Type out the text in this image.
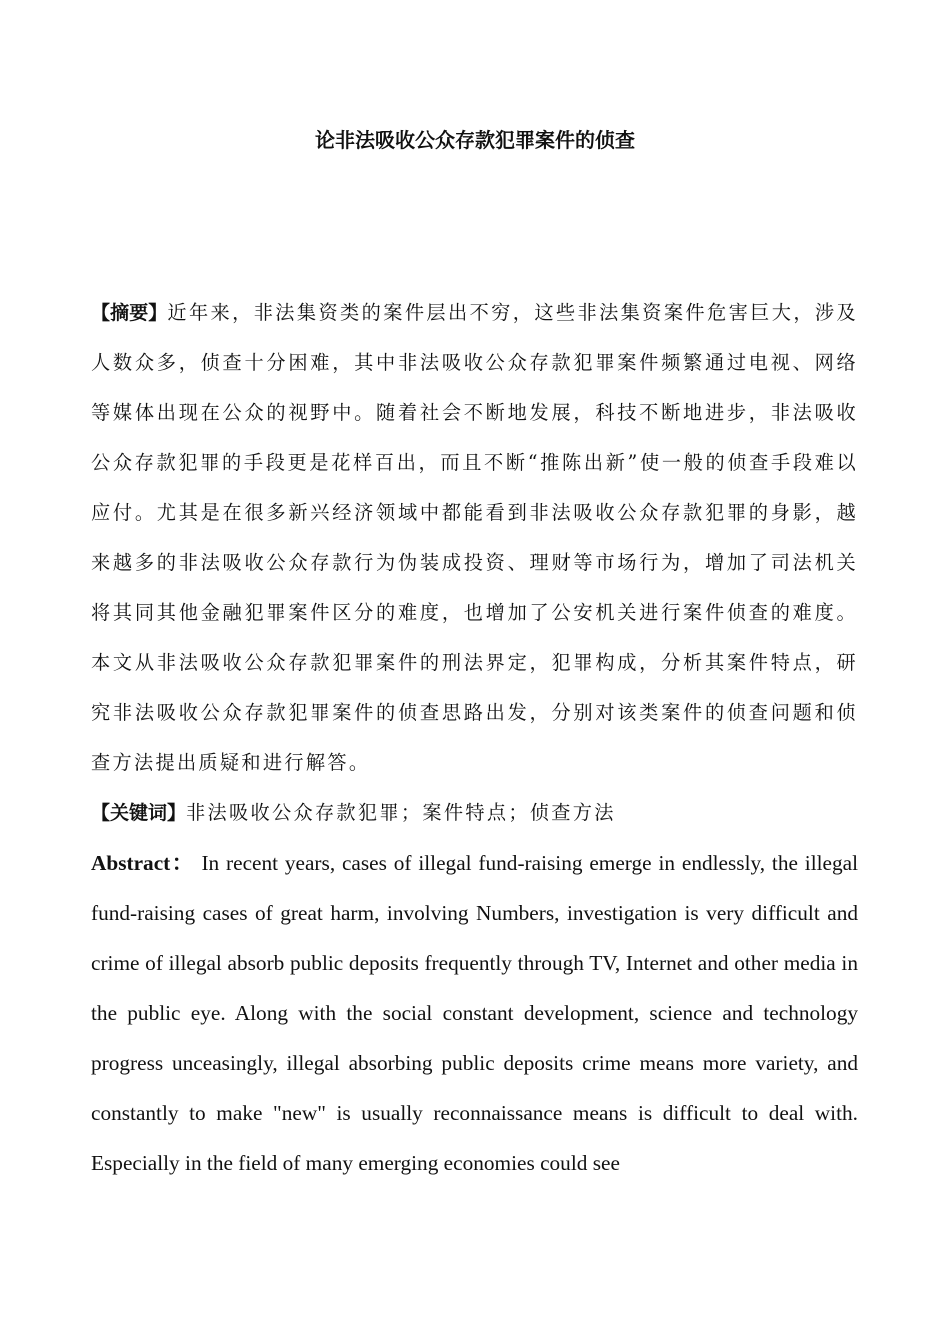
论非法吸收公众存款犯罪案件的侦查

【摘要】近年来，非法集资类的案件层出不穷，这些非法集资案件危害巨大，涉及人数众多，侦查十分困难，其中非法吸收公众存款犯罪案件频繁通过电视、网络等媒体出现在公众的视野中。随着社会不断地发展，科技不断地进步，非法吸收公众存款犯罪的手段更是花样百出，而且不断“推陈出新”使一般的侦查手段难以应付。尤其是在很多新兴经济领域中都能看到非法吸收公众存款犯罪的身影，越来越多的非法吸收公众存款行为伪装成投资、理财等市场行为，增加了司法机关将其同其他金融犯罪案件区分的难度，也增加了公安机关进行案件侦查的难度。本文从非法吸收公众存款犯罪案件的刑法界定，犯罪构成，分析其案件特点，研究非法吸收公众存款犯罪案件的侦查思路出发，分别对该类案件的侦查问题和侦查方法提出质疑和进行解答。

【关键词】非法吸收公众存款犯罪；案件特点；侦查方法

Abstract： In recent years, cases of illegal fund-raising emerge in endlessly, the illegal fund-raising cases of great harm, involving Numbers, investigation is very difficult and crime of illegal absorb public deposits frequently through TV, Internet and other media in the public eye. Along with the social constant development, science and technology progress unceasingly, illegal absorbing public deposits crime means more variety, and constantly to make "new" is usually reconnaissance means is difficult to deal with. Especially in the field of many emerging economies could see
